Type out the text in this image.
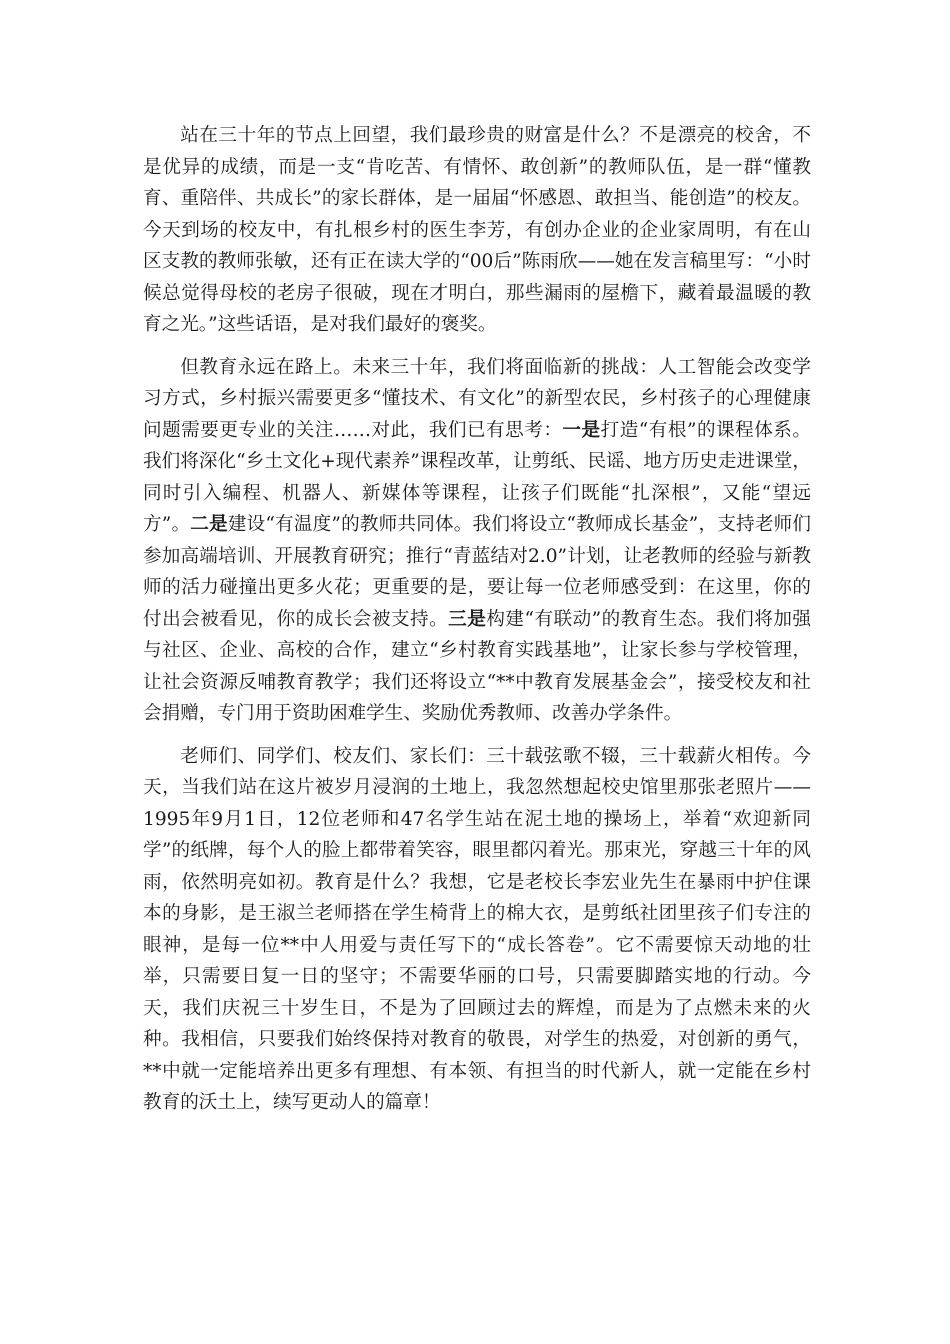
站在三十年的节点上回望，我们最珍贵的财富是什么？不是漂亮的校舍，不是优异的成绩，而是一支“肯吃苦、有情怀、敢创新”的教师队伍，是一群“懂教育、重陪伴、共成长”的家长群体，是一届届“怀感恩、敢担当、能创造”的校友。今天到场的校友中，有扎根乡村的医生李芳，有创办企业的企业家周明，有在山区支教的教师张敏，还有正在读大学的“00后”陈雨欣——她在发言稿里写：“小时候总觉得母校的老房子很破，现在才明白，那些漏雨的屋檐下，藏着最温暖的教育之光。”这些话语，是对我们最好的褒奖。

但教育永远在路上。未来三十年，我们将面临新的挑战：人工智能会改变学习方式，乡村振兴需要更多“懂技术、有文化”的新型农民，乡村孩子的心理健康问题需要更专业的关注……对此，我们已有思考：一是打造“有根”的课程体系。我们将深化“乡土文化+现代素养”课程改革，让剪纸、民谣、地方历史走进课堂，同时引入编程、机器人、新媒体等课程，让孩子们既能“扎深根”，又能“望远方”。二是建设“有温度”的教师共同体。我们将设立“教师成长基金”，支持老师们参加高端培训、开展教育研究；推行“青蓝结对2.0”计划，让老教师的经验与新教师的活力碰撞出更多火花；更重要的是，要让每一位老师感受到：在这里，你的付出会被看见，你的成长会被支持。三是构建“有联动”的教育生态。我们将加强与社区、企业、高校的合作，建立“乡村教育实践基地”，让家长参与学校管理，让社会资源反哺教育教学；我们还将设立“**中教育发展基金会”，接受校友和社会捐赠，专门用于资助困难学生、奖励优秀教师、改善办学条件。

老师们、同学们、校友们、家长们：三十载弦歌不辍，三十载薪火相传。今天，当我们站在这片被岁月浸润的土地上，我忽然想起校史馆里那张老照片——1995年9月1日，12位老师和47名学生站在泥土地的操场上，举着“欢迎新同学”的纸牌，每个人的脸上都带着笑容，眼里都闪着光。那束光，穿越三十年的风雨，依然明亮如初。教育是什么？我想，它是老校长李宏业先生在暴雨中护住课本的身影，是王淑兰老师搭在学生椅背上的棉大衣，是剪纸社团里孩子们专注的眼神，是每一位**中人用爱与责任写下的“成长答卷”。它不需要惊天动地的壮举，只需要日复一日的坚守；不需要华丽的口号，只需要脚踏实地的行动。今天，我们庆祝三十岁生日，不是为了回顾过去的辉煌，而是为了点燃未来的火种。我相信，只要我们始终保持对教育的敬畏，对学生的热爱，对创新的勇气，**中就一定能培养出更多有理想、有本领、有担当的时代新人，就一定能在乡村教育的沃土上，续写更动人的篇章！
